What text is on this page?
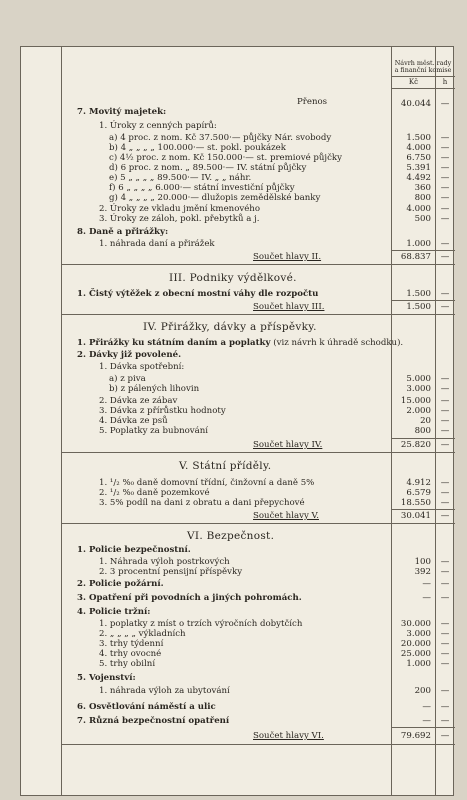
Návrh měst. rady
a finanční komise
Kč	h
Přenos	40.044	—
7. Movitý majetek:
1. Úroky z cenných papírů:
a) 4 proc. z nom. Kč 37.500·— půjčky Nár. svobody	1.500	—
b) 4 „ „ „ „ 100.000·— st. pokl. poukázek	4.000	—
c) 4½ proc. z nom. Kč 150.000·— st. premiové půjčky	6.750	—
d) 6 proc. z nom. „ 89.500·— IV. státní půjčky	5.391	—
e) 5 „ „ „ „ 89.500·— IV. „ „ náhr.	4.492	—
f) 6 „ „ „ „ 6.000·— státní investiční půjčky	360	—
g) 4 „ „ „ „ 20.000·— dlužopis zemědělské banky	800	—
2. Úroky ze vkladu jmění kmenového	4.000	—
3. Úroky ze záloh, pokl. přebytků a j.	500	—
8. Daně a přirážky:
1. náhrada daní a přirážek	1.000	—
Součet hlavy II.	68.837	—
III. Podniky výdělkové.
1. Čistý výtěžek z obecní mostní váhy dle rozpočtu	1.500	—
Součet hlavy III.	1.500	—
IV. Přirážky, dávky a příspěvky.
1. Přirážky ku státním daním a poplatky (viz návrh k úhradě schodku).
2. Dávky již povolené.
1. Dávka spotřební:
a) z piva	5.000	—
b) z pálených lihovin	3.000	—
2. Dávka ze zábav	15.000	—
3. Dávka z přírůstku hodnoty	2.000	—
4. Dávka ze psů	20	—
5. Poplatky za bubnování	800	—
Součet hlavy IV.	25.820	—
V. Státní příděly.
1. ¹/₂ %₀ daně domovní třídní, činžovní a daně 5%	4.912	—
2. ¹/₂ %₀ daně pozemkové	6.579	—
3. 5% podíl na dani z obratu a dani přepychové	18.550	—
Součet hlavy V.	30.041	—
VI. Bezpečnost.
1. Policie bezpečnostní.
1. Náhrada výloh postrkových	100	—
2. 3 procentní pensijní příspěvky	392	—
2. Policie požární.	—	—
3. Opatření při povodních a jiných pohromách.	—	—
4. Policie tržní:
1. poplatky z míst o trzích výročních dobytčích	30.000	—
2. „ „ „ „ výkladních	3.000	—
3. trhy týdenní	20.000	—
4. trhy ovocné	25.000	—
5. trhy obilní	1.000	—
5. Vojenství:
1. náhrada výloh za ubytování	200	—
6. Osvětlování náměstí a ulic	—	—
7. Různá bezpečnostní opatření	—	—
Součet hlavy VI.	79.692	—
